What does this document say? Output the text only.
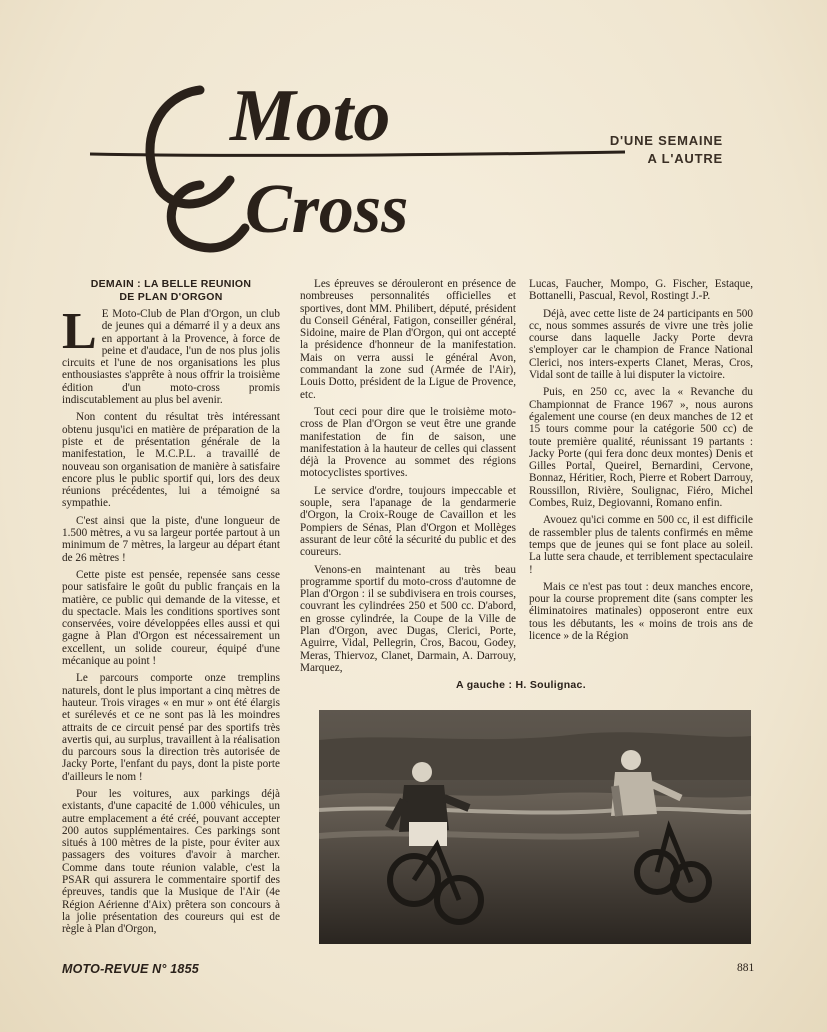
Moto
Cross
D'UNE SEMAINE
A L'AUTRE
DEMAIN : LA BELLE REUNION
DE PLAN D'ORGON

L E Moto-Club de Plan d'Orgon, un club de jeunes qui a démarré il y a deux ans en apportant à la Provence, à force de peine et d'audace, l'un de nos plus jolis circuits et l'une de nos organisations les plus enthousiastes s'apprête à nous offrir la troisième édition d'un moto-cross promis indiscutablement au plus bel avenir.

Non content du résultat très intéressant obtenu jusqu'ici en matière de préparation de la piste et de présentation générale de la manifestation, le M.C.P.L. a travaillé de nouveau son organisation de manière à satisfaire encore plus le public sportif qui, lors des deux réunions précédentes, lui a témoigné sa sympathie.

C'est ainsi que la piste, d'une longueur de 1.500 mètres, a vu sa largeur portée partout à un minimum de 7 mètres, la largeur au départ étant de 26 mètres !

Cette piste est pensée, repensée sans cesse pour satisfaire le goût du public français en la matière, ce public qui demande de la vitesse, et du spectacle. Mais les conditions sportives sont conservées, voire développées elles aussi et qui gagne à Plan d'Orgon est nécessairement un excellent, un solide coureur, équipé d'une mécanique au point !

Le parcours comporte onze tremplins naturels, dont le plus important a cinq mètres de hauteur. Trois virages « en mur » ont été élargis et surélevés et ce ne sont pas là les moindres attraits de ce circuit pensé par des sportifs très avertis qui, au surplus, travaillent à la réalisation du parcours sous la direction très autorisée de Jacky Porte, l'enfant du pays, dont la piste porte d'ailleurs le nom !

Pour les voitures, aux parkings déjà existants, d'une capacité de 1.000 véhicules, un autre emplacement a été créé, pouvant accepter 200 autos supplémentaires. Ces parkings sont situés à 100 mètres de la piste, pour éviter aux passagers des voitures d'avoir à marcher. Comme dans toute réunion valable, c'est la PSAR qui assurera le commentaire sportif des épreuves, tandis que la Musique de l'Air (4e Région Aérienne d'Aix) prêtera son concours à la jolie présentation des coureurs qui est de règle à Plan d'Orgon,

Les épreuves se dérouleront en présence de nombreuses personnalités officielles et sportives, dont MM. Philibert, député, président du Conseil Général, Fatigon, conseiller général, Sidoine, maire de Plan d'Orgon, qui ont accepté la présidence d'honneur de la manifestation. Mais on verra aussi le général Avon, commandant la zone sud (Armée de l'Air), Louis Dotto, président de la Ligue de Provence, etc.

Tout ceci pour dire que le troisième moto-cross de Plan d'Orgon se veut être une grande manifestation de fin de saison, une manifestation à la hauteur de celles qui classent déjà la Provence au sommet des régions motocyclistes sportives.

Le service d'ordre, toujours impeccable et souple, sera l'apanage de la gendarmerie d'Orgon, la Croix-Rouge de Cavaillon et les Pompiers de Sénas, Plan d'Orgon et Mollèges assurant de leur côté la sécurité du public et des coureurs.

Venons-en maintenant au très beau programme sportif du moto-cross d'automne de Plan d'Orgon : il se subdivisera en trois courses, couvrant les cylindrées 250 et 500 cc. D'abord, en grosse cylindrée, la Coupe de la Ville de Plan d'Orgon, avec Dugas, Clerici, Porte, Aguirre, Vidal, Pellegrin, Cros, Bacou, Godey, Meras, Thiervoz, Clanet, Darmain, A. Darrouy, Marquez,

Lucas, Faucher, Mompo, G. Fischer, Estaque, Bottanelli, Pascual, Revol, Rostingt J.-P.

Déjà, avec cette liste de 24 participants en 500 cc, nous sommes assurés de vivre une très jolie course dans laquelle Jacky Porte devra s'employer car le champion de France National Clerici, nos inters-experts Clanet, Meras, Cros, Vidal sont de taille à lui disputer la victoire.

Puis, en 250 cc, avec la « Revanche du Championnat de France 1967 », nous aurons également une course (en deux manches de 12 et 15 tours comme pour la catégorie 500 cc) de toute première qualité, réunissant 19 partants : Jacky Porte (qui fera donc deux montes) Denis et Gilles Portal, Queirel, Bernardini, Cervone, Bonnaz, Héritier, Roch, Pierre et Robert Darrouy, Roussillon, Rivière, Soulignac, Fiéro, Michel Combes, Ruiz, Degiovanni, Romano enfin.

Avouez qu'ici comme en 500 cc, il est difficile de rassembler plus de talents confirmés en même temps que de jeunes qui se font place au soleil. La lutte sera chaude, et terriblement spectaculaire !

Mais ce n'est pas tout : deux manches encore, pour la course proprement dite (sans compter les éliminatoires matinales) opposeront entre eux tous les débutants, les « moins de trois ans de licence » de la Région

A gauche : H. Soulignac.
MOTO-REVUE N° 1855	881
